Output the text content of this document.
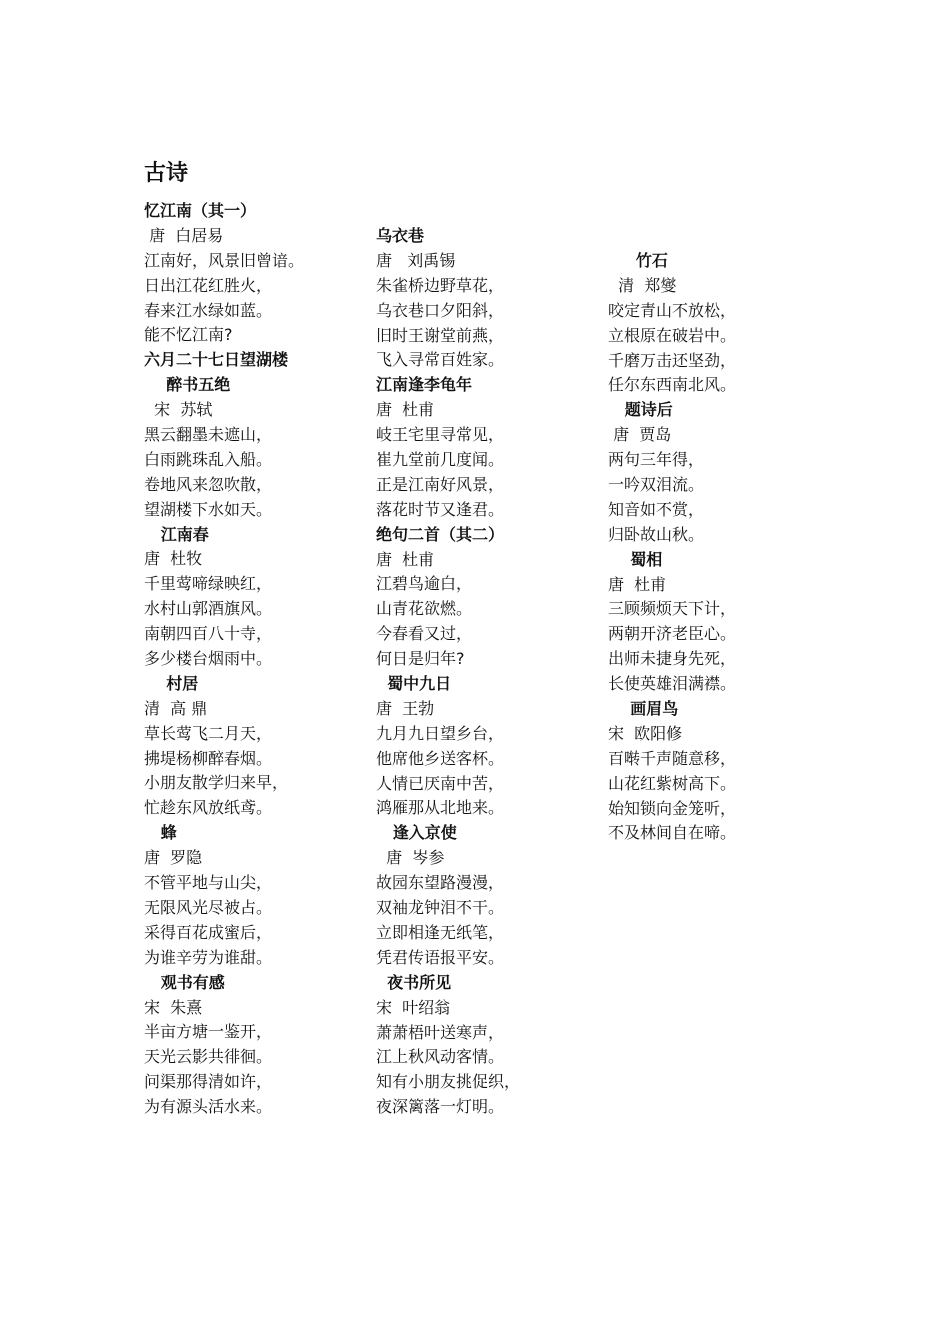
古诗
忆江南（其一）
唐  白居易
江南好，风景旧曾谙。
日出江花红胜火，
春来江水绿如蓝。
能不忆江南?
六月二十七日望湖楼
醉书五绝
宋  苏轼
黑云翻墨未遮山，
白雨跳珠乱入船。
卷地风来忽吹散，
望湖楼下水如天。
江南春
唐  杜牧
千里莺啼绿映红，
水村山郭酒旗风。
南朝四百八十寺，
多少楼台烟雨中。
村居
清  高 鼎
草长莺飞二月天，
拂堤杨柳醉春烟。
小朋友散学归来早，
忙趁东风放纸鸢。
蜂
唐  罗隐
不管平地与山尖，
无限风光尽被占。
采得百花成蜜后，
为谁辛劳为谁甜。
观书有感
宋  朱熹
半亩方塘一鉴开，
天光云影共徘徊。
问渠那得清如许，
为有源头活水来。
乌衣巷
唐   刘禹锡
朱雀桥边野草花，
乌衣巷口夕阳斜，
旧时王谢堂前燕，
飞入寻常百姓家。
江南逢李龟年
唐  杜甫
岐王宅里寻常见，
崔九堂前几度闻。
正是江南好风景，
落花时节又逢君。
绝句二首（其二）
唐  杜甫
江碧鸟逾白，
山青花欲燃。
今春看又过，
何日是归年?
蜀中九日
唐  王勃
九月九日望乡台，
他席他乡送客杯。
人情已厌南中苦，
鸿雁那从北地来。
逢入京使
唐  岑参
故园东望路漫漫，
双袖龙钟泪不干。
立即相逢无纸笔，
凭君传语报平安。
夜书所见
宋  叶绍翁
萧萧梧叶送寒声，
江上秋风动客情。
知有小朋友挑促织，
夜深篱落一灯明。
竹石
清  郑燮
咬定青山不放松，
立根原在破岩中。
千磨万击还坚劲，
任尔东西南北风。
题诗后
唐  贾岛
两句三年得，
一吟双泪流。
知音如不赏，
归卧故山秋。
蜀相
唐  杜甫
三顾频烦天下计，
两朝开济老臣心。
出师未捷身先死，
长使英雄泪满襟。
画眉鸟
宋  欧阳修
百啭千声随意移，
山花红紫树高下。
始知锁向金笼听，
不及林间自在啼。
